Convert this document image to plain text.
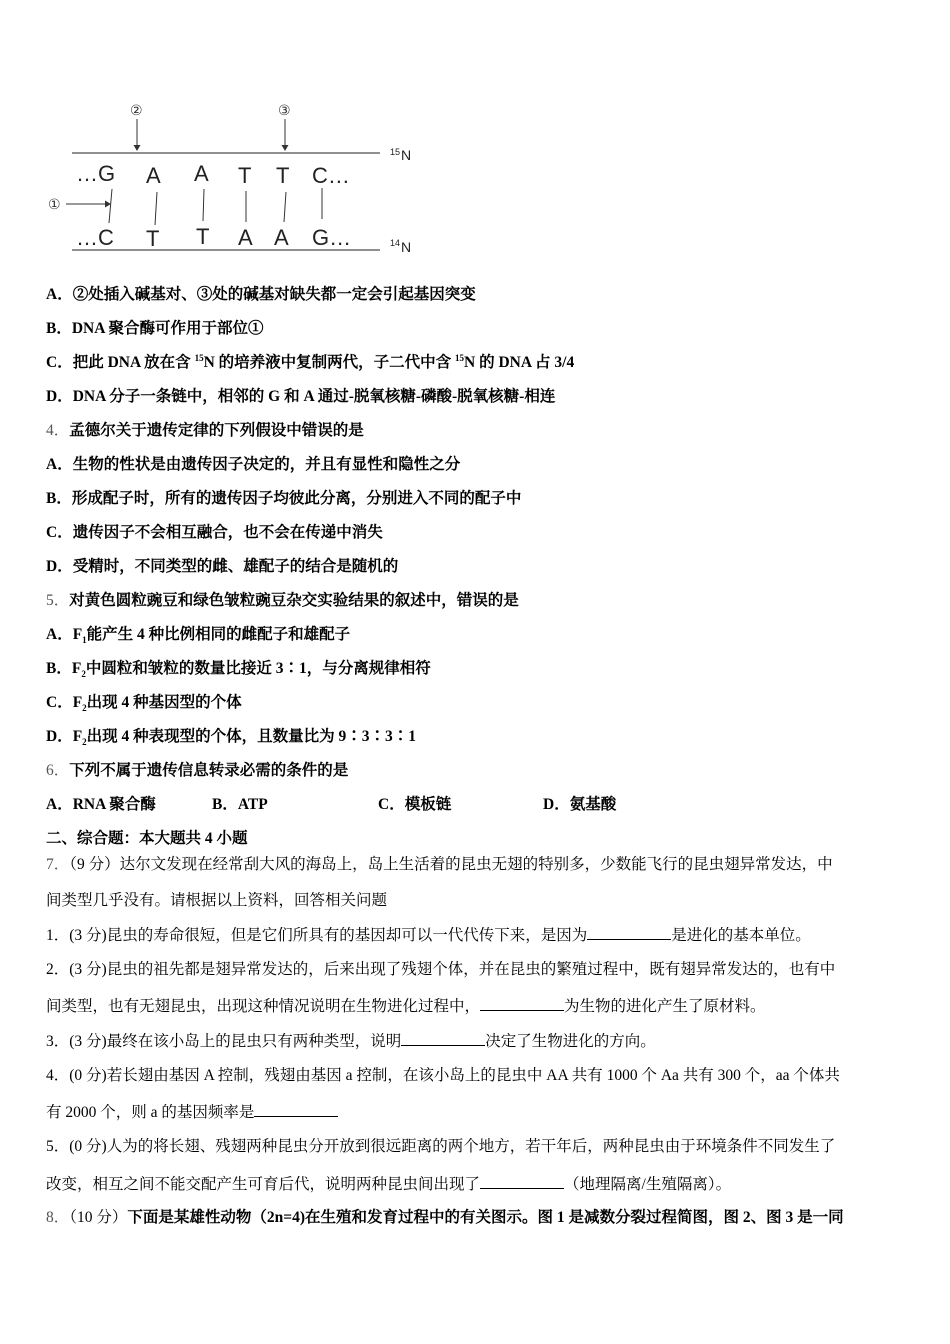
②	③
①
…G A A T T C…
…C T T A A G…
15 N
14 N
A．②处插入碱基对、③处的碱基对缺失都一定会引起基因突变
B．DNA 聚合酶可作用于部位①
C．把此 DNA 放在含 $^{15}$N 的培养液中复制两代，子二代中含 $^{15}$N 的 DNA 占 3/4
D．DNA 分子一条链中，相邻的 G 和 A 通过-脱氧核糖-磷酸-脱氧核糖-相连
4．孟德尔关于遗传定律的下列假设中错误的是
A．生物的性状是由遗传因子决定的，并且有显性和隐性之分
B．形成配子时，所有的遗传因子均彼此分离，分别进入不同的配子中
C．遗传因子不会相互融合，也不会在传递中消失
D．受精时，不同类型的雌、雄配子的结合是随机的
5．对黄色圆粒豌豆和绿色皱粒豌豆杂交实验结果的叙述中，错误的是
A．$F_1$能产生 4 种比例相同的雌配子和雄配子
B．$F_2$中圆粒和皱粒的数量比接近 3∶1，与分离规律相符
C．$F_2$出现 4 种基因型的个体
D．$F_2$出现 4 种表现型的个体，且数量比为 9∶3∶3∶1
6．下列不属于遗传信息转录必需的条件的是
A．RNA 聚合酶	B．ATP	C．模板链	D．氨基酸
二、综合题：本大题共 4 小题
7．（9 分）达尔文发现在经常刮大风的海岛上，岛上生活着的昆虫无翅的特别多，少数能飞行的昆虫翅异常发达，中
间类型几乎没有。请根据以上资料，回答相关问题
1．(3 分)昆虫的寿命很短，但是它们所具有的基因却可以一代代传下来，是因为	是进化的基本单位。
2．(3 分)昆虫的祖先都是翅异常发达的，后来出现了残翅个体，并在昆虫的繁殖过程中，既有翅异常发达的，也有中
间类型，也有无翅昆虫，出现这种情况说明在生物进化过程中，	为生物的进化产生了原材料。
3．(3 分)最终在该小岛上的昆虫只有两种类型，说明	决定了生物进化的方向。
4．(0 分)若长翅由基因 A 控制，残翅由基因 a 控制，在该小岛上的昆虫中 AA 共有 1000 个 Aa 共有 300 个，aa 个体共
有 2000 个，则 a 的基因频率是
5．(0 分)人为的将长翅、残翅两种昆虫分开放到很远距离的两个地方，若干年后，两种昆虫由于环境条件不同发生了
改变，相互之间不能交配产生可育后代，说明两种昆虫间出现了	（地理隔离/生殖隔离）。
8．（10 分）下面是某雄性动物（2n=4)在生殖和发育过程中的有关图示。图 1 是减数分裂过程简图，图 2、图 3 是一同
